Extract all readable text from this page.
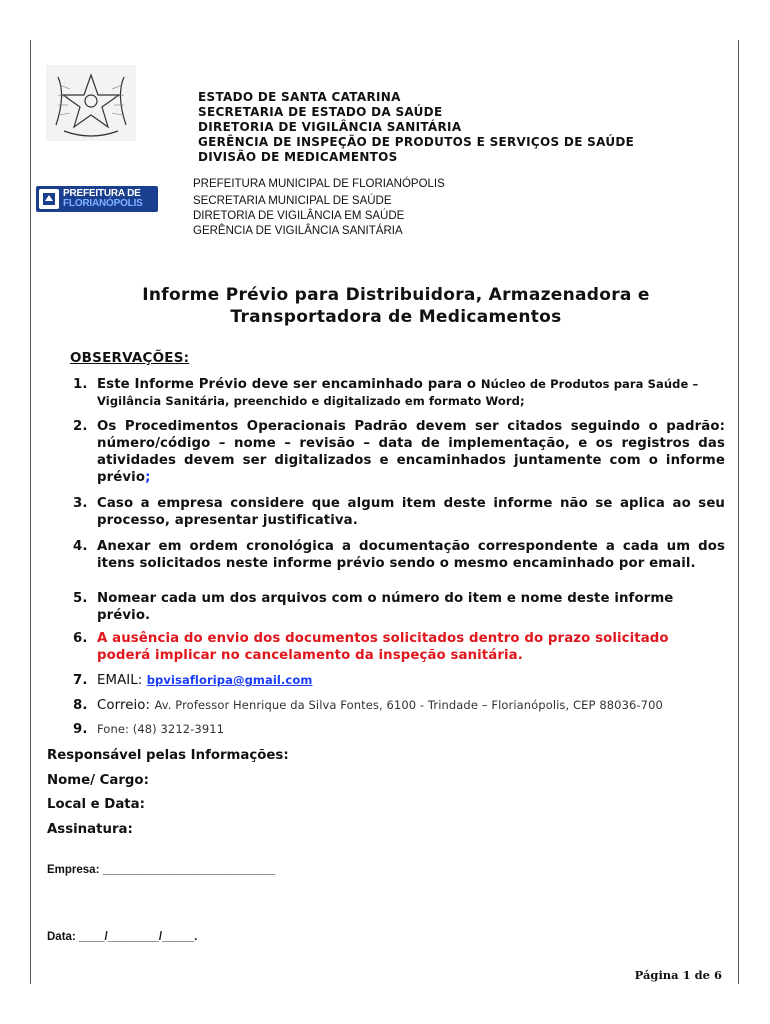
ESTADO DE SANTA CATARINA
SECRETARIA DE ESTADO DA SAÚDE
DIRETORIA DE VIGILÂNCIA SANITÁRIA
GERÊNCIA DE INSPEÇÃO DE PRODUTOS E SERVIÇOS DE SAÚDE
DIVISÃO DE MEDICAMENTOS
PREFEITURA DE
FLORIANÓPOLIS
PREFEITURA MUNICIPAL DE FLORIANÓPOLIS
SECRETARIA MUNICIPAL DE SAÚDE
DIRETORIA DE VIGILÂNCIA EM SAÚDE
GERÊNCIA DE VIGILÂNCIA SANITÁRIA
Informe Prévio para Distribuidora, Armazenadora e
Transportadora de Medicamentos
OBSERVAÇÕES:
1. Este Informe Prévio deve ser encaminhado para o Núcleo de Produtos para Saúde – Vigilância Sanitária, preenchido e digitalizado em formato Word;
2. Os Procedimentos Operacionais Padrão devem ser citados seguindo o padrão: número/código – nome – revisão – data de implementação, e os registros das atividades devem ser digitalizados e encaminhados juntamente com o informe prévio;
3. Caso a empresa considere que algum item deste informe não se aplica ao seu processo, apresentar justificativa.
4. Anexar em ordem cronológica a documentação correspondente a cada um dos itens solicitados neste informe prévio sendo o mesmo encaminhado por email.
5. Nomear cada um dos arquivos com o número do item e nome deste informe prévio.
6. A ausência do envio dos documentos solicitados dentro do prazo solicitado poderá implicar no cancelamento da inspeção sanitária.
7. EMAIL: bpvisafloripa@gmail.com
8. Correio: Av. Professor Henrique da Silva Fontes, 6100 - Trindade – Florianópolis, CEP 88036-700
9. Fone: (48) 3212-3911
Responsável pelas Informações:
Nome/ Cargo:
Local e Data:
Assinatura:
Empresa: ___________________________
Data: ____/________/_____.
Página 1 de 6
